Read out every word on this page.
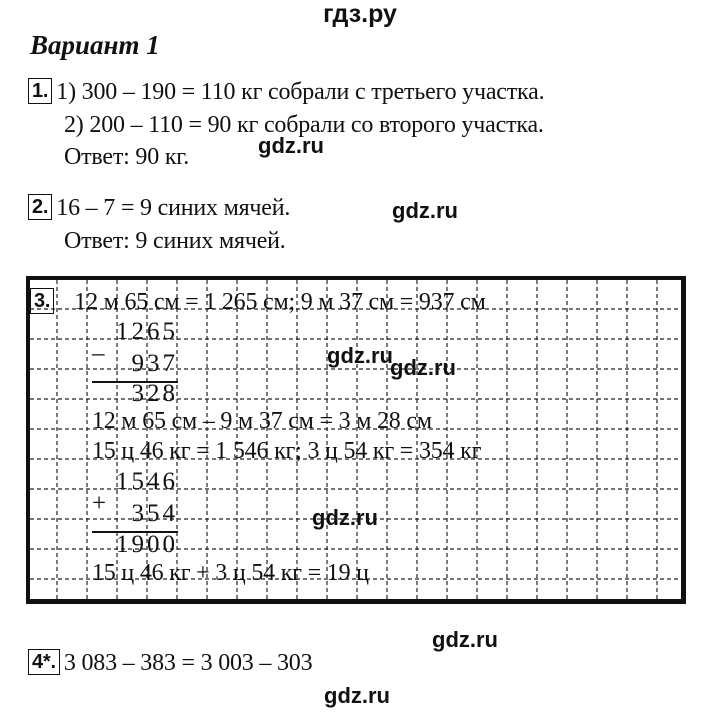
гдз.ру
Вариант 1
1. 1) 300 – 190 = 110 кг собрали с третьего участка.
2) 200 – 110 = 90 кг собрали со второго участка.
Ответ: 90 кг.	gdz.ru
2. 16 – 7 = 9 синих мячей.
Ответ: 9 синих мячей.
gdz.ru
3. 12 м 65 см = 1 265 см; 9 м 37 см = 937 см
1265
– 937
328
12 м 65 см – 9 м 37 см = 3 м 28 см
15 ц 46 кг = 1 546 кг; 3 ц 54 кг = 354 кг
1546
+ 354
1900
15 ц 46 кг + 3 ц 54 кг = 19 ц
gdz.ru
gdz.ru
gdz.ru
gdz.ru
4*. 3 083 – 383 = 3 003 – 303
gdz.ru
